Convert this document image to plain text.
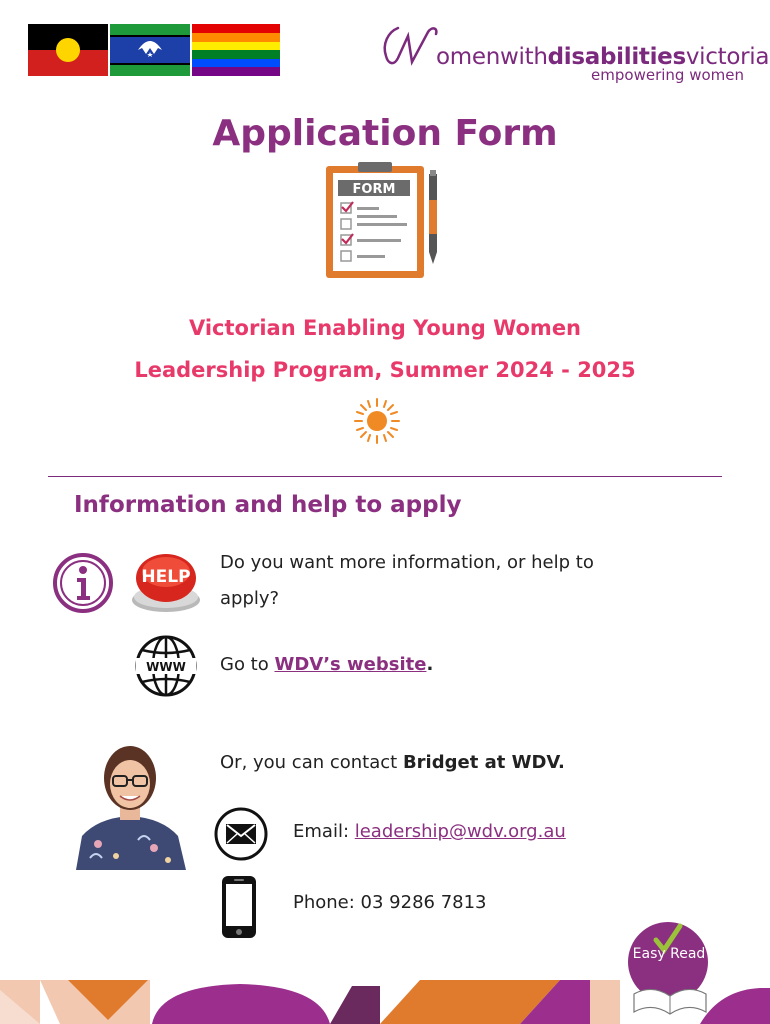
omenwithdisabilitiesvictoria
empowering women
Application Form
FORM
Victorian Enabling Young Women
Leadership Program, Summer 2024 - 2025
Information and help to apply
HELP
Do you want more information, or help to
apply?
WWW Go to WDV’s website.
Or, you can contact Bridget at WDV.
Email: leadership@wdv.org.au
Phone: 03 9286 7813
Easy Read
